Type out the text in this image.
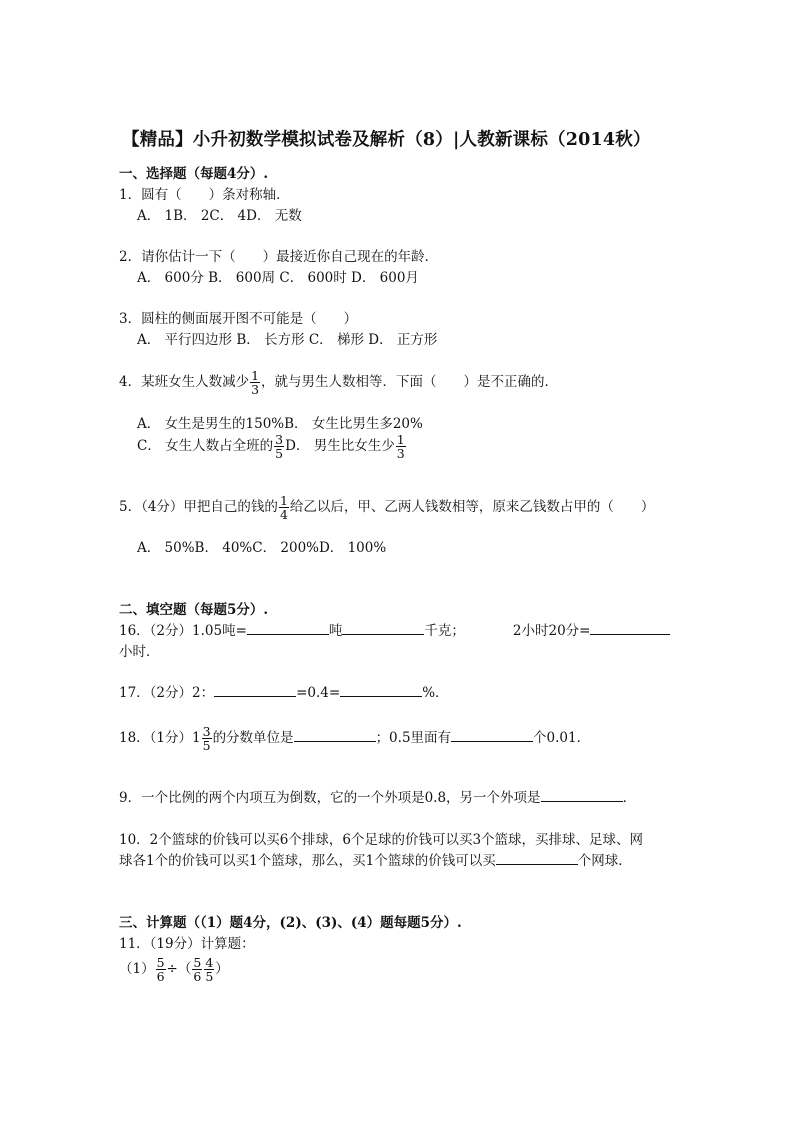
【精品】小升初数学模拟试卷及解析（8）|人教新课标（2014秋）
一、选择题（每题4分）.
1．圆有（　　）条对称轴．
A． 1B． 2C． 4D． 无数
2．请你估计一下（　　）最接近你自己现在的年龄．
A． 600分 B． 600周 C． 600时 D． 600月
3．圆柱的侧面展开图不可能是（　　）
A． 平行四边形 B． 长方形 C． 梯形 D． 正方形
4．某班女生人数减少 $\frac{1}{3}$ ，就与男生人数相等．下面（　　）是不正确的．
A． 女生是男生的150%B． 女生比男生多20%
C． 女生人数占全班的 $\frac{3}{5}$ D． 男生比女生少 $\frac{1}{3}$
5．（4分）甲把自己的钱的 $\frac{1}{4}$ 给乙以后，甲、乙两人钱数相等，原来乙钱数占甲的（　　）
A． 50%B． 40%C． 200%D． 100%
二、填空题（每题5分）.
16．（2分）1.05吨=	吨	千克；	2小时20分=
小时．
17．（2分）2：	=0.4=	%．
18．（1分）$1 \frac{3}{5}$ 的分数单位是	；0.5里面有	个0.01．
9．一个比例的两个内项互为倒数，它的一个外项是0.8，另一个外项是	．
10．2个篮球的价钱可以买6个排球，6个足球的价钱可以买3个篮球，买排球、足球、网
球各1个的价钱可以买1个篮球，那么，买1个篮球的价钱可以买	个网球．
三、计算题（（1）题4分，(2)、(3)、(4）题每题5分）.
11．（19分）计算题：
$(1) \frac{5}{6}$ ÷（ $\frac{5}{6} \frac{4}{5}$ ）
